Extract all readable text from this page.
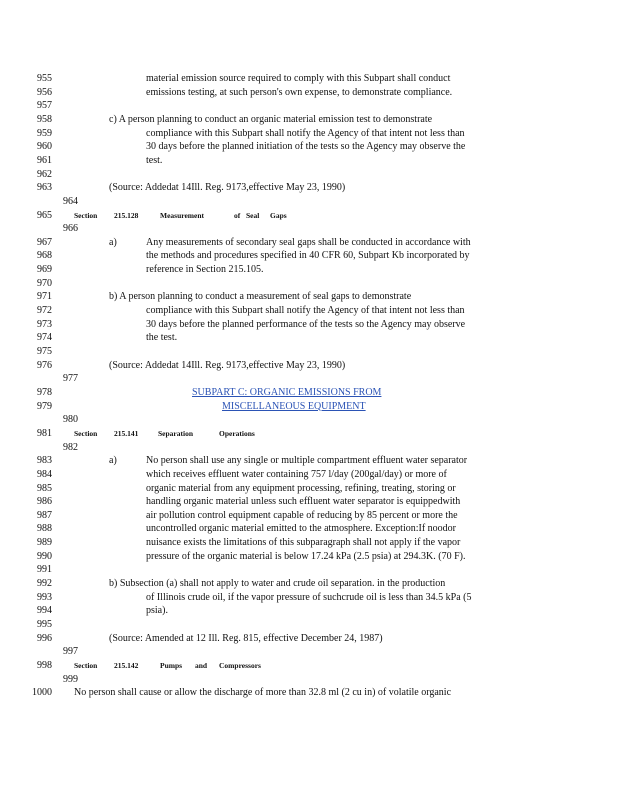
955	material emission source required to comply with this Subpart shall conduct
956	emissions testing, at such person's own expense, to demonstrate compliance.
957
958	c) A person planning to conduct an organic material emission test to demonstrate
959	compliance with this Subpart shall notify the Agency of that intent not less than
960	30 days before the planned initiation of the tests so the Agency may observe the
961	test.
962
963	(Source: Addedat 14Ill. Reg. 9173,effective May 23, 1990)
964
965	Section 215.128	Measurement	of Seal Gaps
966
967	a)	Any measurements of secondary seal gaps shall be conducted in accordance with
968	the methods and procedures specified in 40 CFR 60, Subpart Kb incorporated by
969	reference in Section 215.105.
970
971	b) A person planning to conduct a measurement of seal gaps to demonstrate
972	compliance with this Subpart shall notify the Agency of that intent not less than
973	30 days before the planned performance of the tests so the Agency may observe
974	the test.
975
976	(Source: Addedat 14Ill. Reg. 9173,effective May 23, 1990)
977
978	SUBPART C: ORGANIC EMISSIONS FROM
979	MISCELLANEOUS EQUIPMENT
980
981	Section 215.141	Separation	Operations
982
983	a)	No person shall use any single or multiple compartment effluent water separator
984	which receives effluent water containing 757 l/day (200gal/day) or more of
985	organic material from any equipment processing, refining, treating, storing or
986	handling organic material unless such effluent water separator is equippedwith
987	air pollution control equipment capable of reducing by 85 percent or more the
988	uncontrolled organic material emitted to the atmosphere. Exception:If noodor
989	nuisance exists the limitations of this subparagraph shall not apply if the vapor
990	pressure of the organic material is below 17.24 kPa (2.5 psia) at 294.3K. (70 F).
991
992	b) Subsection (a) shall not apply to water and crude oil separation. in the production
993	of Illinois crude oil, if the vapor pressure of suchcrude oil is less than 34.5 kPa (5
994	psia).
995
996	(Source: Amended at 12 Ill. Reg. 815, effective December 24, 1987)
997
998	Section 215.142	Pumps and Compressors
999
1000 No person shall cause or allow the discharge of more than 32.8 ml (2 cu in) of volatile organic
